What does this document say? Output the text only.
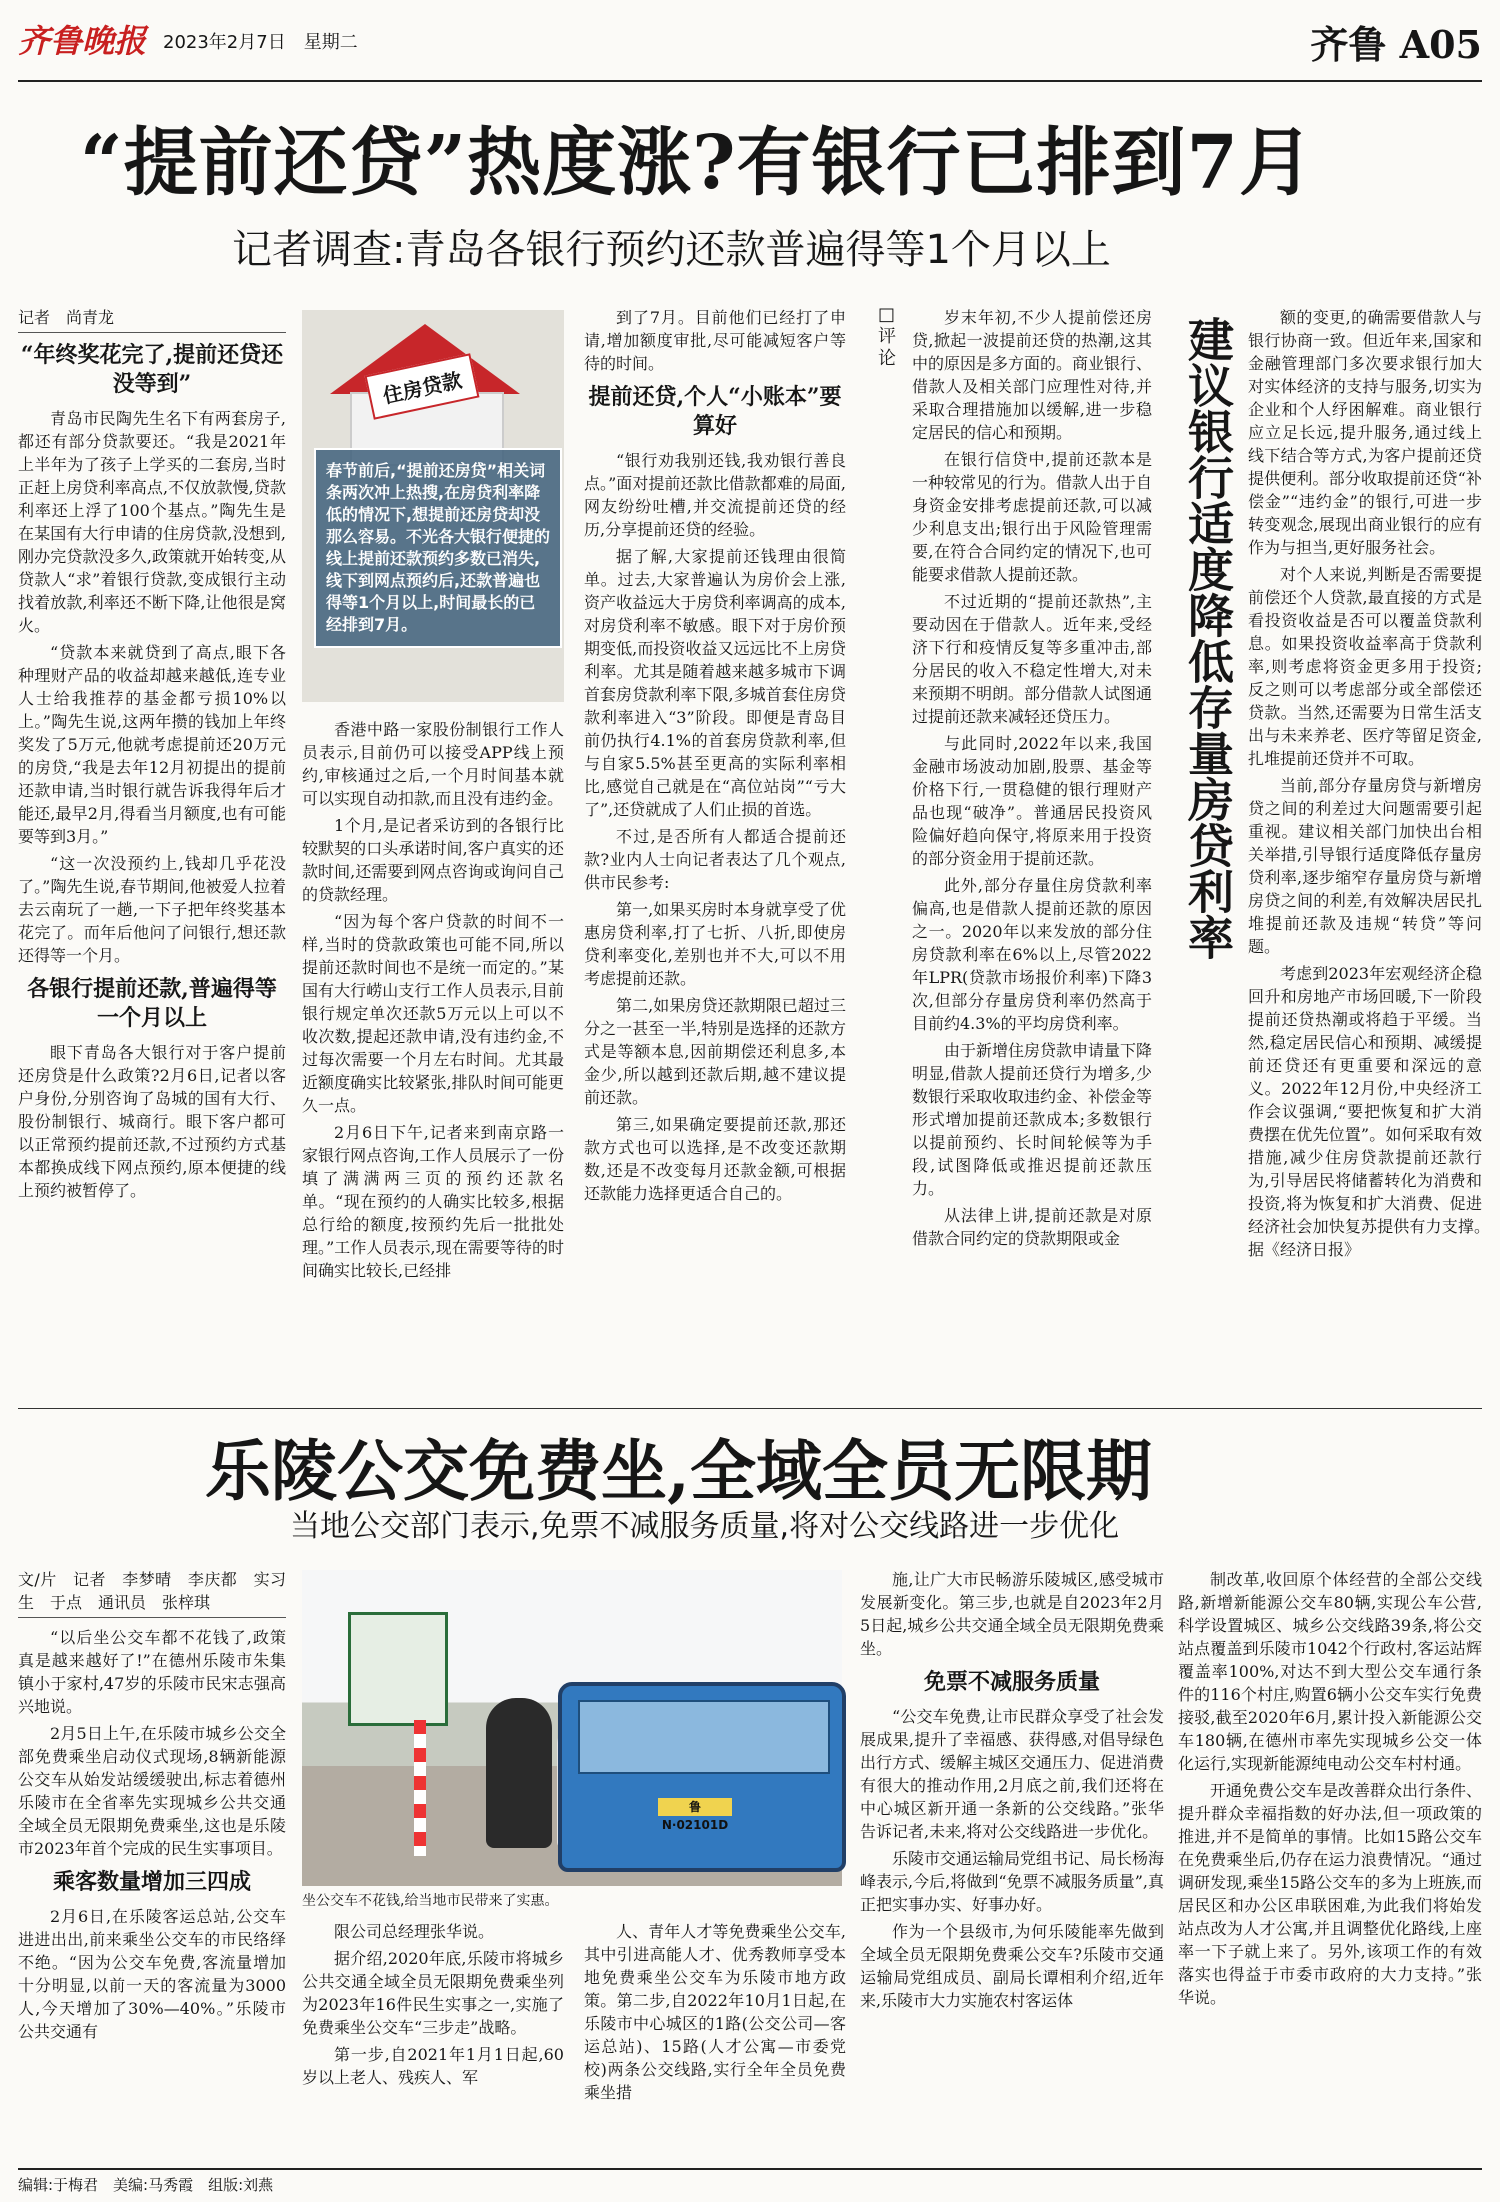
齐鲁晚报 2023年2月7日　星期二	齐鲁 A05
“提前还贷”热度涨?有银行已排到7月
记者调查:青岛各银行预约还款普遍得等1个月以上
记者　尚青龙
“年终奖花完了,提前还贷还没等到”

青岛市民陶先生名下有两套房子,都还有部分贷款要还。“我是2021年上半年为了孩子上学买的二套房,当时正赶上房贷利率高点,不仅放款慢,贷款利率还上浮了100个基点。”陶先生是在某国有大行申请的住房贷款,没想到,刚办完贷款没多久,政策就开始转变,从贷款人“求”着银行贷款,变成银行主动找着放款,利率还不断下降,让他很是窝火。

“贷款本来就贷到了高点,眼下各种理财产品的收益却越来越低,连专业人士给我推荐的基金都亏损10%以上。”陶先生说,这两年攒的钱加上年终奖发了5万元,他就考虑提前还20万元的房贷,“我是去年12月初提出的提前还款申请,当时银行就告诉我得年后才能还,最早2月,得看当月额度,也有可能要等到3月。”

“这一次没预约上,钱却几乎花没了。”陶先生说,春节期间,他被爱人拉着去云南玩了一趟,一下子把年终奖基本花完了。而年后他问了问银行,想还款还得等一个月。

各银行提前还款,普遍得等一个月以上

眼下青岛各大银行对于客户提前还房贷是什么政策?2月6日,记者以客户身份,分别咨询了岛城的国有大行、股份制银行、城商行。眼下客户都可以正常预约提前还款,不过预约方式基本都换成线下网点预约,原本便捷的线上预约被暂停了。

住房贷款
春节前后,“提前还房贷”相关词条两次冲上热搜,在房贷利率降低的情况下,想提前还房贷却没那么容易。不光各大银行便捷的线上提前还款预约多数已消失,线下到网点预约后,还款普遍也得等1个月以上,时间最长的已经排到7月。

香港中路一家股份制银行工作人员表示,目前仍可以接受APP线上预约,审核通过之后,一个月时间基本就可以实现自动扣款,而且没有违约金。

1个月,是记者采访到的各银行比较默契的口头承诺时间,客户真实的还款时间,还需要到网点咨询或询问自己的贷款经理。

“因为每个客户贷款的时间不一样,当时的贷款政策也可能不同,所以提前还款时间也不是统一而定的。”某国有大行崂山支行工作人员表示,目前银行规定单次还款5万元以上可以不收次数,提起还款申请,没有违约金,不过每次需要一个月左右时间。尤其最近额度确实比较紧张,排队时间可能更久一点。

2月6日下午,记者来到南京路一家银行网点咨询,工作人员展示了一份填了满满两三页的预约还款名单。“现在预约的人确实比较多,根据总行给的额度,按预约先后一批批处理。”工作人员表示,现在需要等待的时间确实比较长,已经排

到了7月。目前他们已经打了申请,增加额度审批,尽可能减短客户等待的时间。

提前还贷,个人“小账本”要算好

“银行劝我别还钱,我劝银行善良点。”面对提前还款比借款都难的局面,网友纷纷吐槽,并交流提前还贷的经历,分享提前还贷的经验。

据了解,大家提前还钱理由很简单。过去,大家普遍认为房价会上涨,资产收益远大于房贷利率调高的成本,对房贷利率不敏感。眼下对于房价预期变低,而投资收益又远远比不上房贷利率。尤其是随着越来越多城市下调首套房贷款利率下限,多城首套住房贷款利率进入“3”阶段。即便是青岛目前仍执行4.1%的首套房贷款利率,但与自家5.5%甚至更高的实际利率相比,感觉自己就是在“高位站岗”“亏大了”,还贷就成了人们止损的首选。

不过,是否所有人都适合提前还款?业内人士向记者表达了几个观点,供市民参考:

第一,如果买房时本身就享受了优惠房贷利率,打了七折、八折,即使房贷利率变化,差别也并不大,可以不用考虑提前还款。

第二,如果房贷还款期限已超过三分之一甚至一半,特别是选择的还款方式是等额本息,因前期偿还利息多,本金少,所以越到还款后期,越不建议提前还款。

第三,如果确定要提前还款,那还款方式也可以选择,是不改变还款期数,还是不改变每月还款金额,可根据还款能力选择更适合自己的。

□评论

岁末年初,不少人提前偿还房贷,掀起一波提前还贷的热潮,这其中的原因是多方面的。商业银行、借款人及相关部门应理性对待,并采取合理措施加以缓解,进一步稳定居民的信心和预期。

在银行信贷中,提前还款本是一种较常见的行为。借款人出于自身资金安排考虑提前还款,可以减少利息支出;银行出于风险管理需要,在符合合同约定的情况下,也可能要求借款人提前还款。

不过近期的“提前还款热”,主要动因在于借款人。近年来,受经济下行和疫情反复等多重冲击,部分居民的收入不稳定性增大,对未来预期不明朗。部分借款人试图通过提前还款来减轻还贷压力。

与此同时,2022年以来,我国金融市场波动加剧,股票、基金等价格下行,一贯稳健的银行理财产品也现“破净”。普通居民投资风险偏好趋向保守,将原来用于投资的部分资金用于提前还款。

此外,部分存量住房贷款利率偏高,也是借款人提前还款的原因之一。2020年以来发放的部分住房贷款利率在6%以上,尽管2022年LPR(贷款市场报价利率)下降3次,但部分存量房贷利率仍然高于目前约4.3%的平均房贷利率。

由于新增住房贷款申请量下降明显,借款人提前还贷行为增多,少数银行采取收取违约金、补偿金等形式增加提前还款成本;多数银行以提前预约、长时间轮候等为手段,试图降低或推迟提前还款压力。

从法律上讲,提前还款是对原借款合同约定的贷款期限或金

建议银行适度降低存量房贷利率	额的变更,的确需要借款人与银行协商一致。但近年来,国家和金融管理部门多次要求银行加大对实体经济的支持与服务,切实为企业和个人纾困解难。商业银行应立足长远,提升服务,通过线上线下结合等方式,为客户提前还贷提供便利。部分收取提前还贷“补偿金”“违约金”的银行,可进一步转变观念,展现出商业银行的应有作为与担当,更好服务社会。

对个人来说,判断是否需要提前偿还个人贷款,最直接的方式是看投资收益是否可以覆盖贷款利息。如果投资收益率高于贷款利率,则考虑将资金更多用于投资;反之则可以考虑部分或全部偿还贷款。当然,还需要为日常生活支出与未来养老、医疗等留足资金,扎堆提前还贷并不可取。

当前,部分存量房贷与新增房贷之间的利差过大问题需要引起重视。建议相关部门加快出台相关举措,引导银行适度降低存量房贷利率,逐步缩窄存量房贷与新增房贷之间的利差,有效解决居民扎堆提前还款及违规“转贷”等问题。

考虑到2023年宏观经济企稳回升和房地产市场回暖,下一阶段提前还贷热潮或将趋于平缓。当然,稳定居民信心和预期、减缓提前还贷还有更重要和深远的意义。2022年12月份,中央经济工作会议强调,“要把恢复和扩大消费摆在优先位置”。如何采取有效措施,减少住房贷款提前还款行为,引导居民将储蓄转化为消费和投资,将为恢复和扩大消费、促进经济社会加快复苏提供有力支撑。　据《经济日报》

乐陵公交免费坐,全域全员无限期
当地公交部门表示,免票不减服务质量,将对公交线路进一步优化
文/片　记者　李梦晴　李庆都　实习生　于点　通讯员　张梓琪

“以后坐公交车都不花钱了,政策真是越来越好了!”在德州乐陵市朱集镇小于家村,47岁的乐陵市民宋志强高兴地说。

2月5日上午,在乐陵市城乡公交全部免费乘坐启动仪式现场,8辆新能源公交车从始发站缓缓驶出,标志着德州乐陵市在全省率先实现城乡公共交通全域全员无限期免费乘坐,这也是乐陵市2023年首个完成的民生实事项目。

乘客数量增加三四成

2月6日,在乐陵客运总站,公交车进进出出,前来乘坐公交车的市民络绎不绝。“因为公交车免费,客流量增加十分明显,以前一天的客流量为3000人,今天增加了30%—40%。”乐陵市公共交通有

鲁N·02101D
坐公交车不花钱,给当地市民带来了实惠。

限公司总经理张华说。

据介绍,2020年底,乐陵市将城乡公共交通全域全员无限期免费乘坐列为2023年16件民生实事之一,实施了免费乘坐公交车“三步走”战略。

第一步,自2021年1月1日起,60岁以上老人、残疾人、军

人、青年人才等免费乘坐公交车,其中引进高能人才、优秀教师享受本地免费乘坐公交车为乐陵市地方政策。第二步,自2022年10月1日起,在乐陵市中心城区的1路(公交公司—客运总站)、15路(人才公寓—市委党校)两条公交线路,实行全年全员免费乘坐措

施,让广大市民畅游乐陵城区,感受城市发展新变化。第三步,也就是自2023年2月5日起,城乡公共交通全域全员无限期免费乘坐。

免票不减服务质量

“公交车免费,让市民群众享受了社会发展成果,提升了幸福感、获得感,对倡导绿色出行方式、缓解主城区交通压力、促进消费有很大的推动作用,2月底之前,我们还将在中心城区新开通一条新的公交线路。”张华告诉记者,未来,将对公交线路进一步优化。

乐陵市交通运输局党组书记、局长杨海峰表示,今后,将做到“免票不减服务质量”,真正把实事办实、好事办好。

作为一个县级市,为何乐陵能率先做到全域全员无限期免费乘公交车?乐陵市交通运输局党组成员、副局长谭相利介绍,近年来,乐陵市大力实施农村客运体

制改革,收回原个体经营的全部公交线路,新增新能源公交车80辆,实现公车公营,科学设置城区、城乡公交线路39条,将公交站点覆盖到乐陵市1042个行政村,客运站辉覆盖率100%,对达不到大型公交车通行条件的116个村庄,购置6辆小公交车实行免费接驳,截至2020年6月,累计投入新能源公交车180辆,在德州市率先实现城乡公交一体化运行,实现新能源纯电动公交车村村通。

开通免费公交车是改善群众出行条件、提升群众幸福指数的好办法,但一项政策的推进,并不是简单的事情。比如15路公交车在免费乘坐后,仍存在运力浪费情况。“通过调研发现,乘坐15路公交车的多为上班族,而居民区和办公区串联困难,为此我们将始发站点改为人才公寓,并且调整优化路线,上座率一下子就上来了。另外,该项工作的有效落实也得益于市委市政府的大力支持。”张华说。

编辑:于梅君　美编:马秀霞　组版:刘燕
